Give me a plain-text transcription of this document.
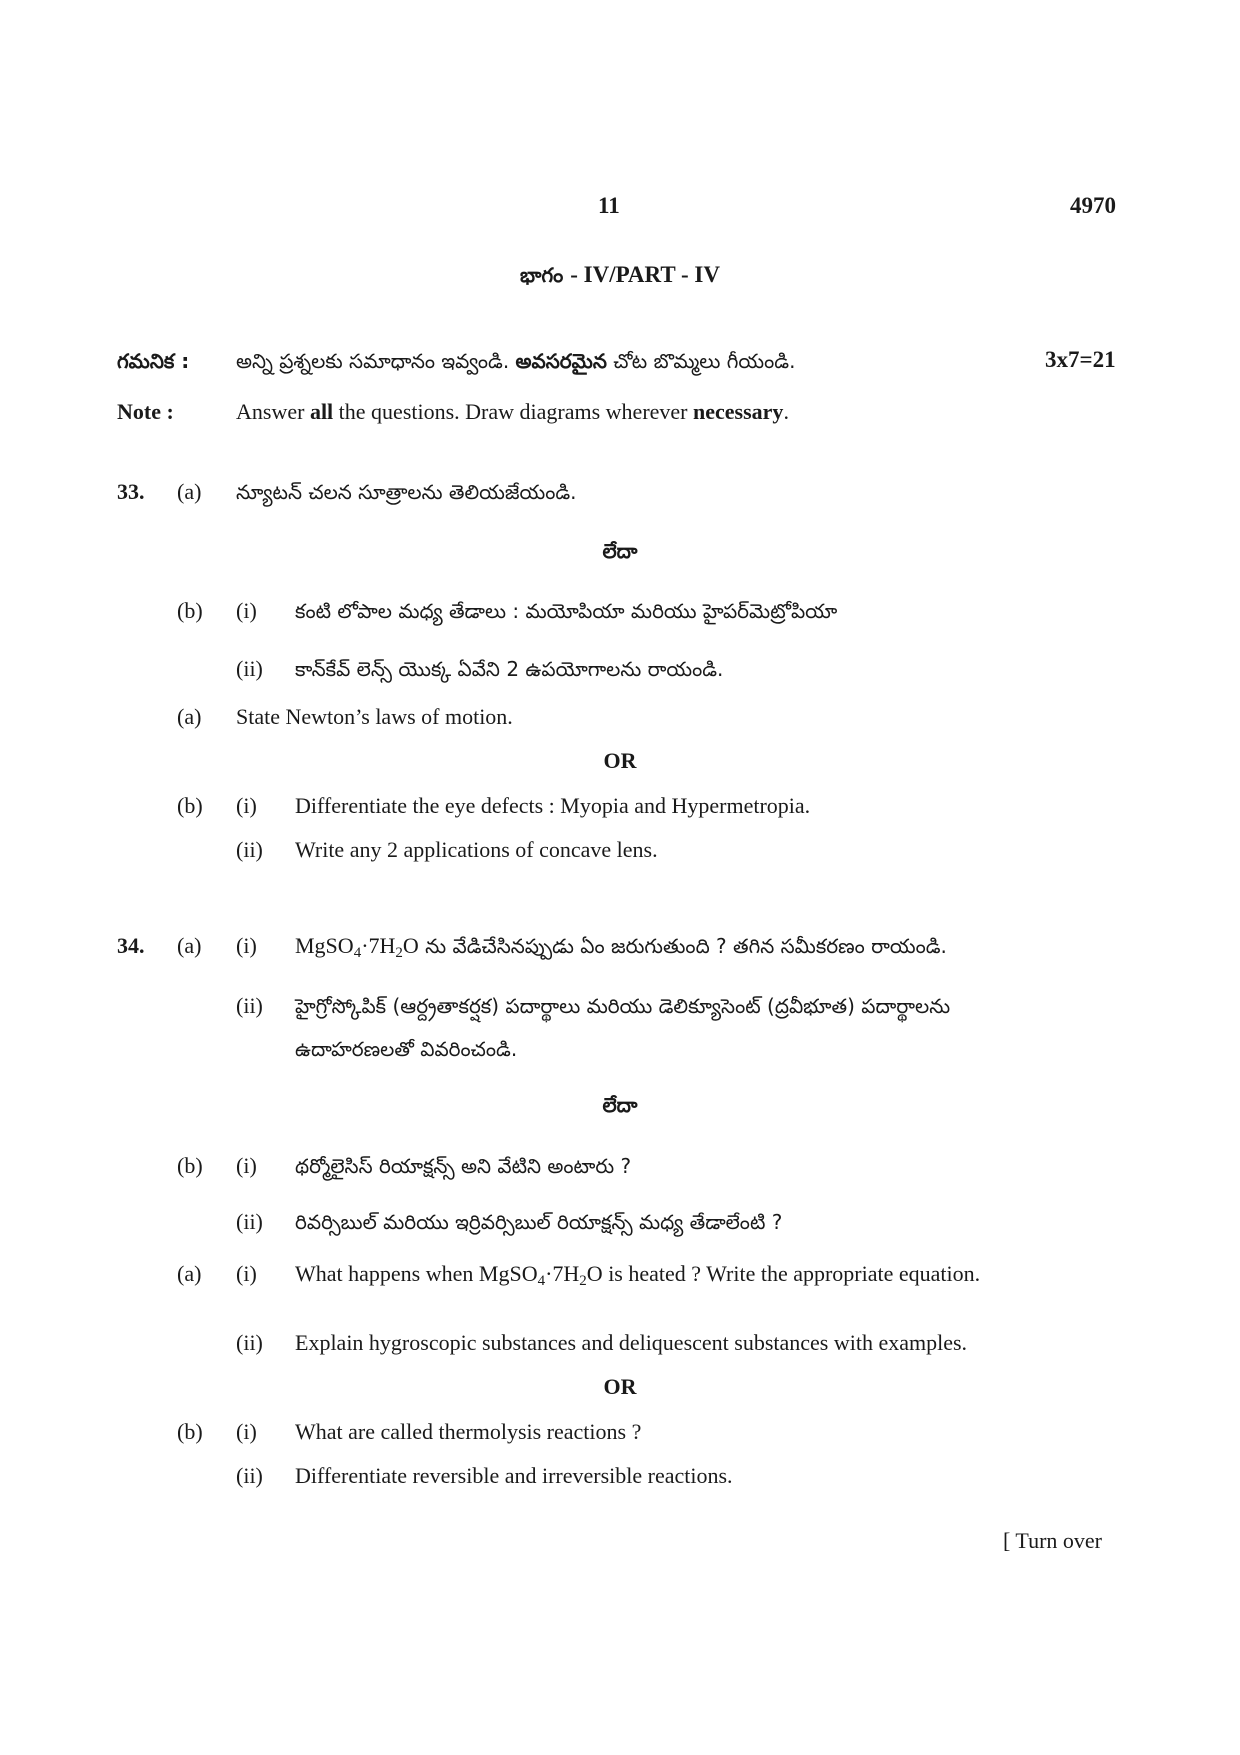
11	4970
భాగం - IV/PART - IV
గమనిక : అన్ని ప్రశ్నలకు సమాధానం ఇవ్వండి. అవసరమైన చోట బొమ్మలు గీయండి.	3x7=21
Note :	Answer all the questions. Draw diagrams wherever necessary.
33. (a) న్యూటన్ చలన సూత్రాలను తెలియజేయండి.
లేదా
(b) (i) కంటి లోపాల మధ్య తేడాలు : మయోపియా మరియు హైపర్‌మెట్రోపియా
(ii) కాన్‌కేవ్ లెన్స్ యొక్క ఏవేని 2 ఉపయోగాలను రాయండి.
(a) State Newton’s laws of motion.
OR
(b) (i) Differentiate the eye defects : Myopia and Hypermetropia.
(ii) Write any 2 applications of concave lens.
34. (a) (i) $MgSO_4\cdot 7H_2O$ ను వేడిచేసినప్పుడు ఏం జరుగుతుంది ? తగిన సమీకరణం రాయండి.
(ii) హైగ్రోస్కోపిక్ (ఆర్ద్రతాకర్షక) పదార్థాలు మరియు డెలిక్యూసెంట్ (ద్రవీభూత) పదార్థాలను
ఉదాహరణలతో వివరించండి.
లేదా
(b) (i) థర్మోలైసిస్ రియాక్షన్స్ అని వేటిని అంటారు ?
(ii) రివర్సిబుల్ మరియు ఇర్రివర్సిబుల్ రియాక్షన్స్ మధ్య తేడాలేంటి ?
(a) (i) What happens when $MgSO_4\cdot 7H_2O$ is heated ? Write the appropriate equation.
(ii) Explain hygroscopic substances and deliquescent substances with examples.
OR
(b) (i) What are called thermolysis reactions ?
(ii) Differentiate reversible and irreversible reactions.
[ Turn over
